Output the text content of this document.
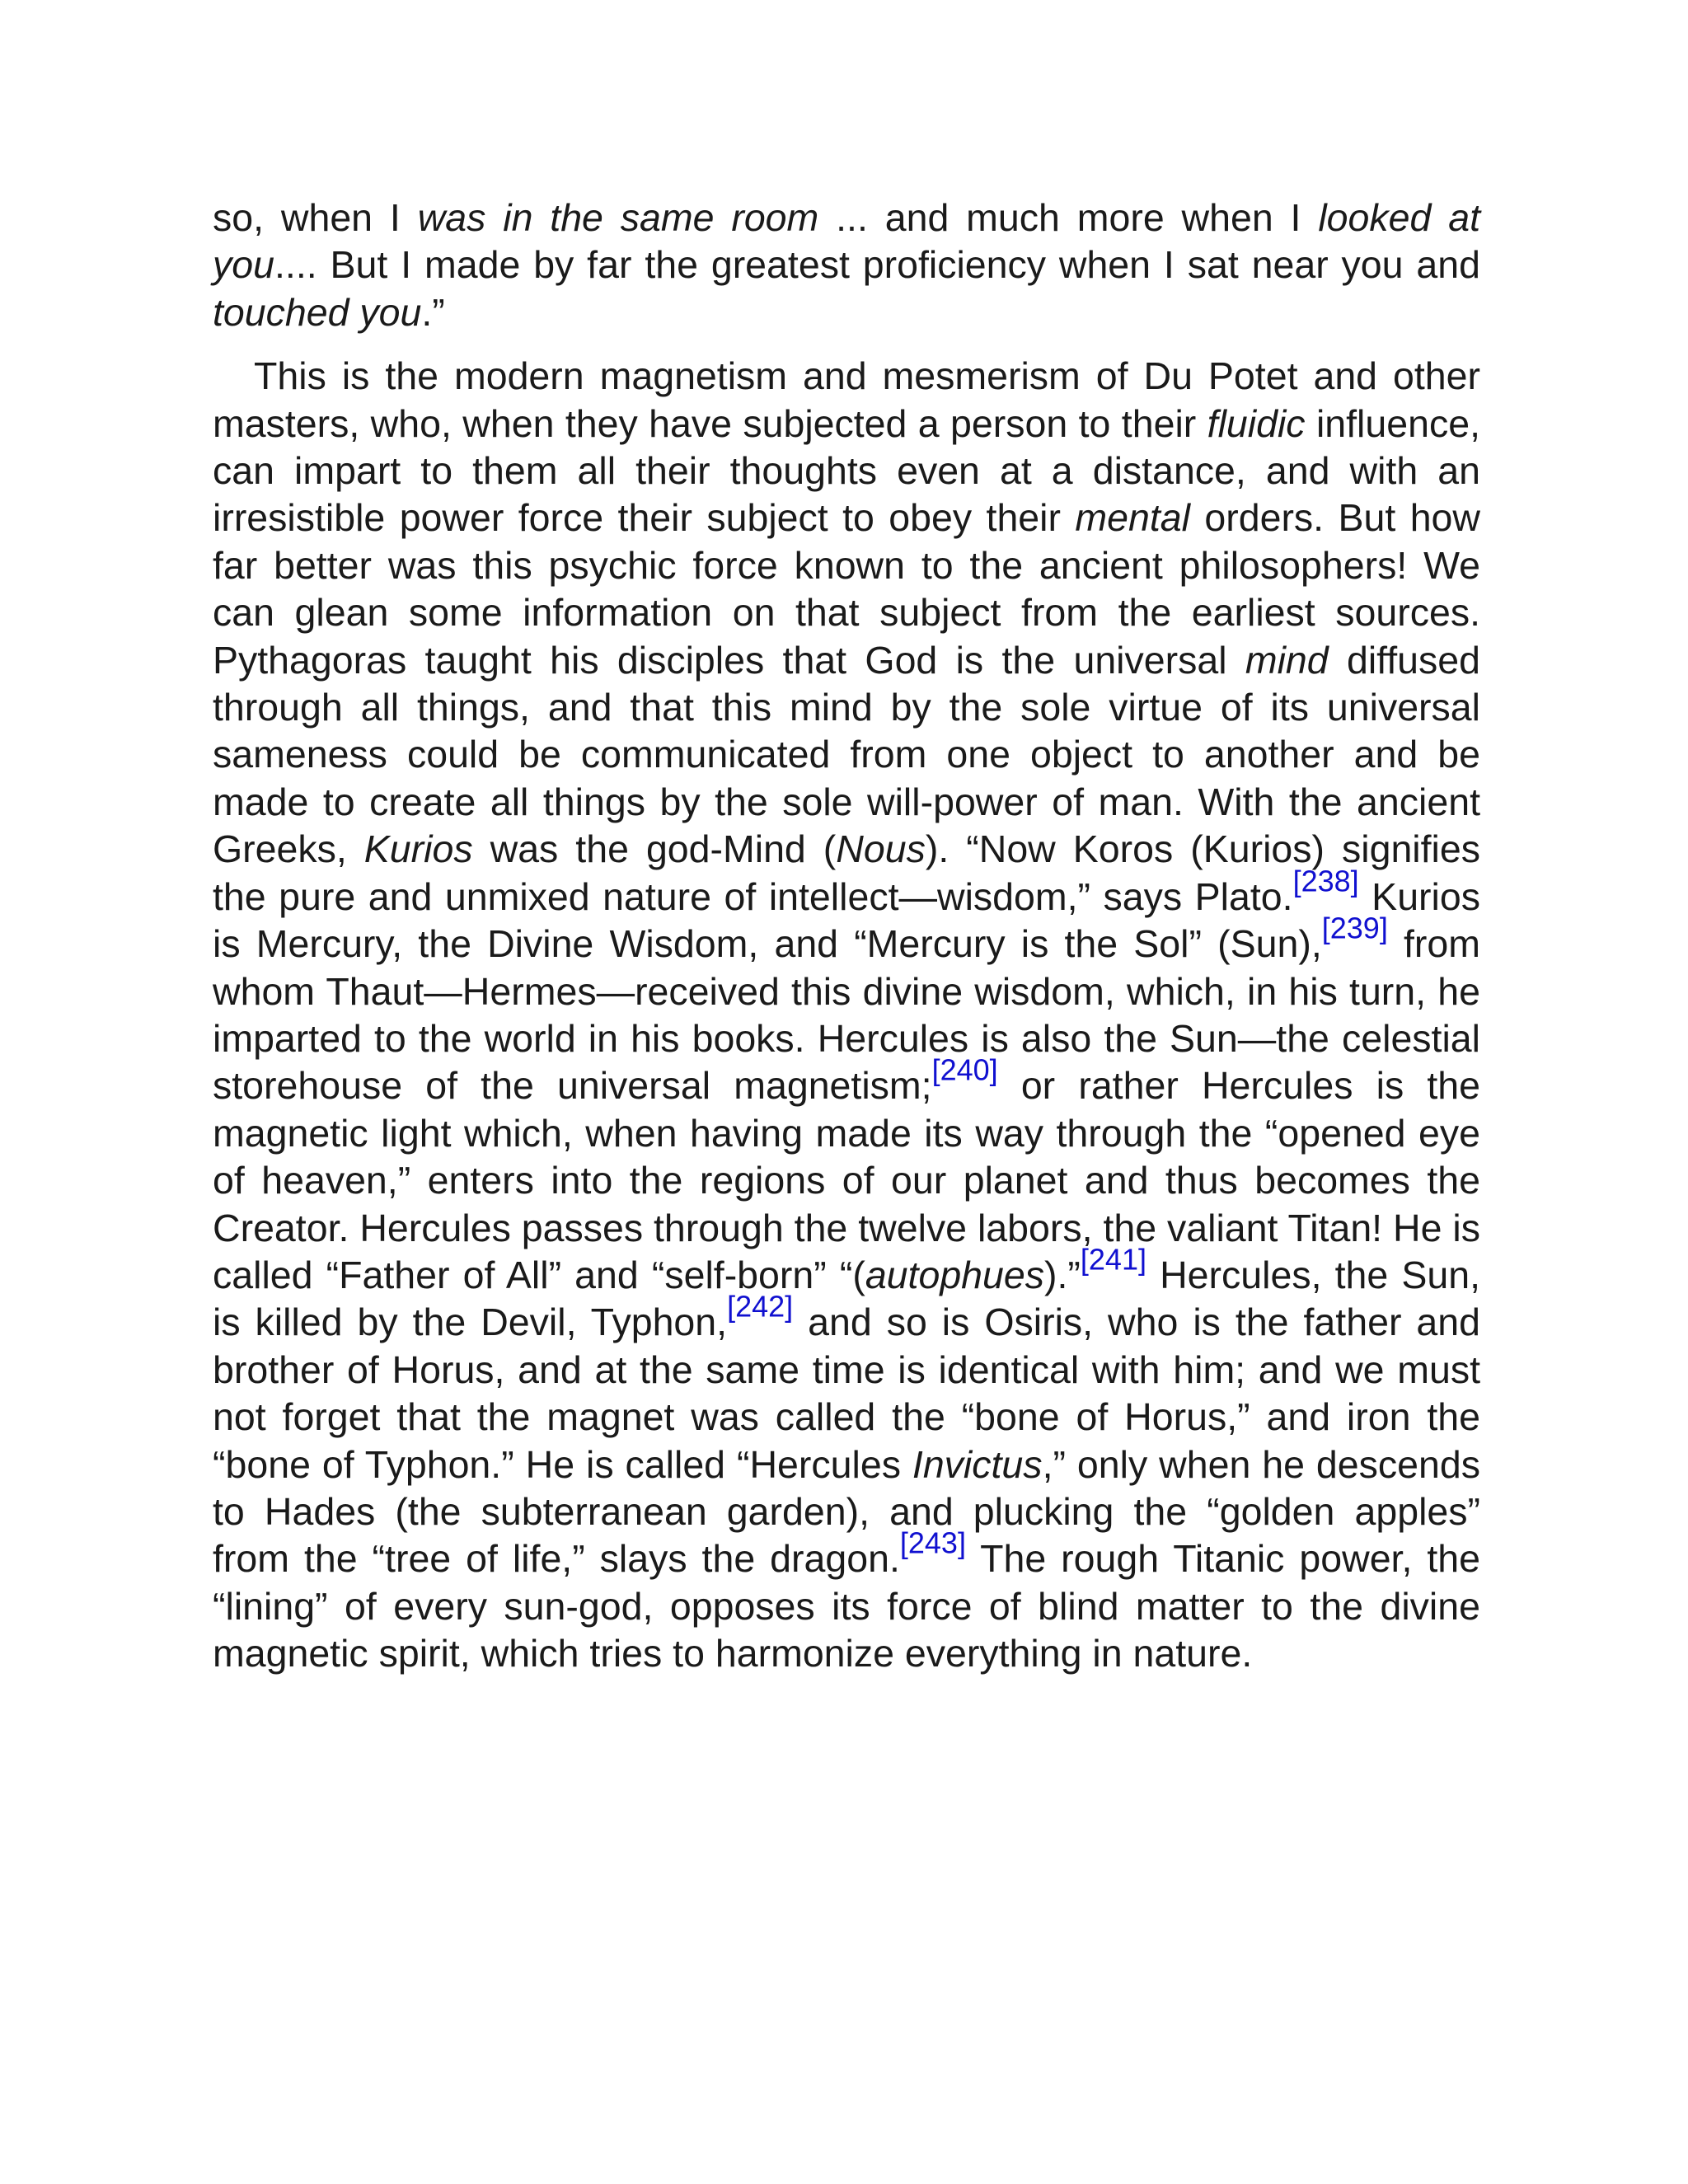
so, when I was in the same room ... and much more when I looked at you.... But I made by far the greatest proficiency when I sat near you and touched you.”

This is the modern magnetism and mesmerism of Du Potet and other masters, who, when they have subjected a person to their fluidic influence, can impart to them all their thoughts even at a distance, and with an irresistible power force their subject to obey their mental orders. But how far better was this psychic force known to the ancient philosophers! We can glean some information on that subject from the earliest sources. Pythagoras taught his disciples that God is the universal mind diffused through all things, and that this mind by the sole virtue of its universal sameness could be communicated from one object to another and be made to create all things by the sole will-power of man. With the ancient Greeks, Kurios was the god-Mind (Nous). “Now Koros (Kurios) signifies the pure and unmixed nature of intellect—wisdom,” says Plato.[238] Kurios is Mercury, the Divine Wisdom, and “Mercury is the Sol” (Sun),[239] from whom Thaut—Hermes—received this divine wisdom, which, in his turn, he imparted to the world in his books. Hercules is also the Sun—the celestial storehouse of the universal magnetism;[240] or rather Hercules is the magnetic light which, when having made its way through the “opened eye of heaven,” enters into the regions of our planet and thus becomes the Creator. Hercules passes through the twelve labors, the valiant Titan! He is called “Father of All” and “self-born” “(autophues).”[241] Hercules, the Sun, is killed by the Devil, Typhon,[242] and so is Osiris, who is the father and brother of Horus, and at the same time is identical with him; and we must not forget that the magnet was called the “bone of Horus,” and iron the “bone of Typhon.” He is called “Hercules Invictus,” only when he descends to Hades (the subterranean garden), and plucking the “golden apples” from the “tree of life,” slays the dragon.[243] The rough Titanic power, the “lining” of every sun-god, opposes its force of blind matter to the divine magnetic spirit, which tries to harmonize everything in nature.
